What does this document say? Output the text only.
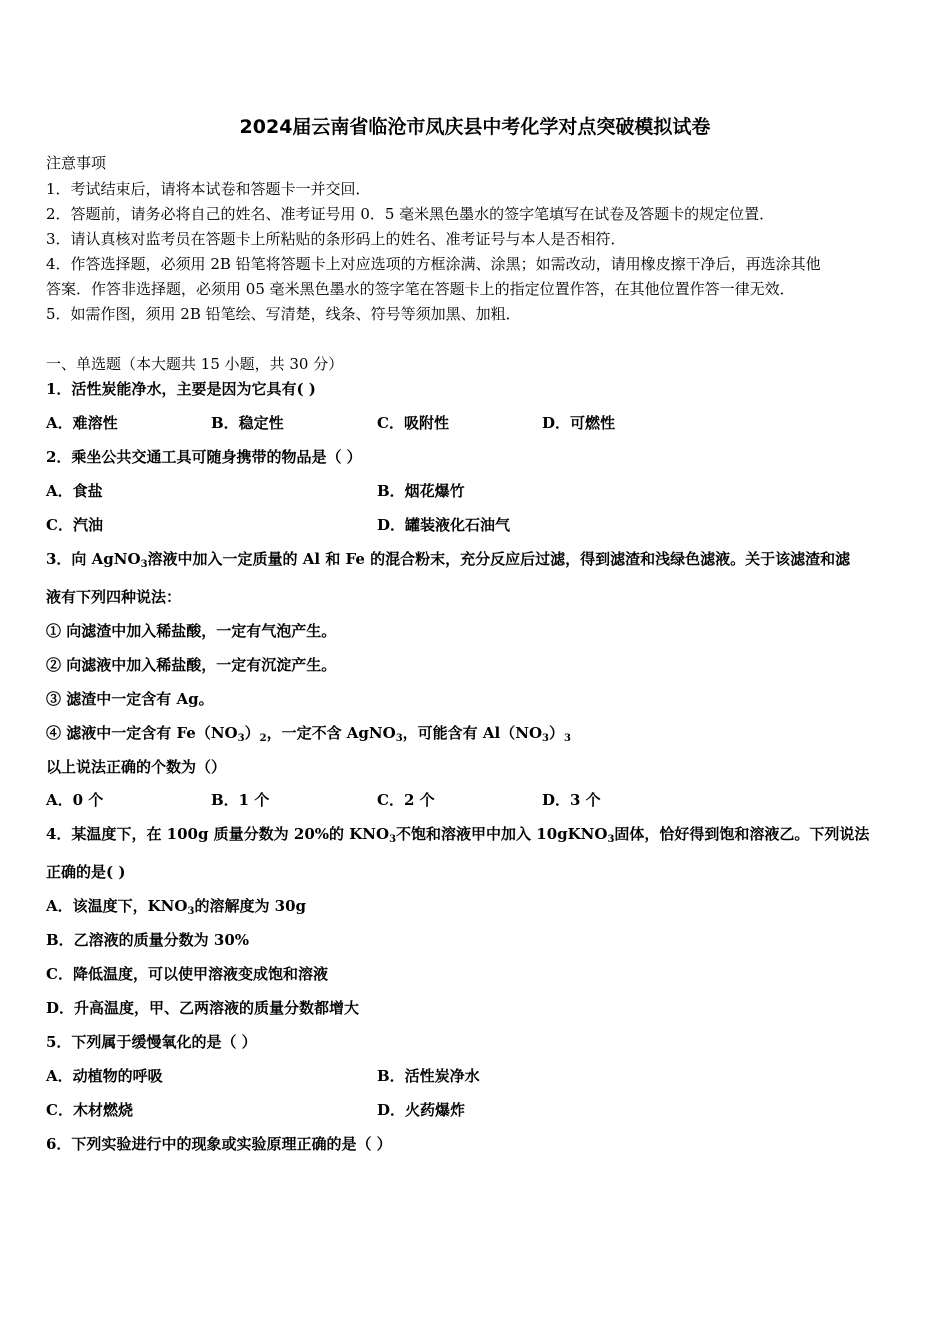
2024届云南省临沧市凤庆县中考化学对点突破模拟试卷
注意事项
1．考试结束后，请将本试卷和答题卡一并交回．
2．答题前，请务必将自己的姓名、准考证号用 0．5 毫米黑色墨水的签字笔填写在试卷及答题卡的规定位置．
3．请认真核对监考员在答题卡上所粘贴的条形码上的姓名、准考证号与本人是否相符．
4．作答选择题，必须用 2B 铅笔将答题卡上对应选项的方框涂满、涂黑；如需改动，请用橡皮擦干净后，再选涂其他
答案．作答非选择题，必须用 05 毫米黑色墨水的签字笔在答题卡上的指定位置作答，在其他位置作答一律无效．
5．如需作图，须用 2B 铅笔绘、写清楚，线条、符号等须加黑、加粗．
一、单选题（本大题共 15 小题，共 30 分）
1．活性炭能净水，主要是因为它具有( )
A．难溶性	B．稳定性	C．吸附性	D．可燃性
2．乘坐公共交通工具可随身携带的物品是（ ）
A．食盐	B．烟花爆竹
C．汽油	D．罐装液化石油气
3．向 AgNO$_3$溶液中加入一定质量的 Al 和 Fe 的混合粉末，充分反应后过滤，得到滤渣和浅绿色滤液。关于该滤渣和滤
液有下列四种说法：
① 向滤渣中加入稀盐酸，一定有气泡产生。
② 向滤液中加入稀盐酸，一定有沉淀产生。
③ 滤渣中一定含有 Ag。
④ 滤液中一定含有 $Fe(NO_3)_2$，一定不含 AgNO$_3$，可能含有 $Al(NO_3)_3$
以上说法正确的个数为（）
A．0 个	B．1 个	C．2 个	D．3 个
4．某温度下，在 100g 质量分数为 20%的 $KNO_3$不饱和溶液甲中加入 10gKNO$_3$固体，恰好得到饱和溶液乙。下列说法
正确的是( )
A．该温度下，$KNO_3$的溶解度为 30g
B．乙溶液的质量分数为 30%
C．降低温度，可以使甲溶液变成饱和溶液
D．升高温度，甲、乙两溶液的质量分数都增大
5．下列属于缓慢氧化的是（ ）
A．动植物的呼吸	B．活性炭净水
C．木材燃烧	D．火药爆炸
6．下列实验进行中的现象或实验原理正确的是（ ）
